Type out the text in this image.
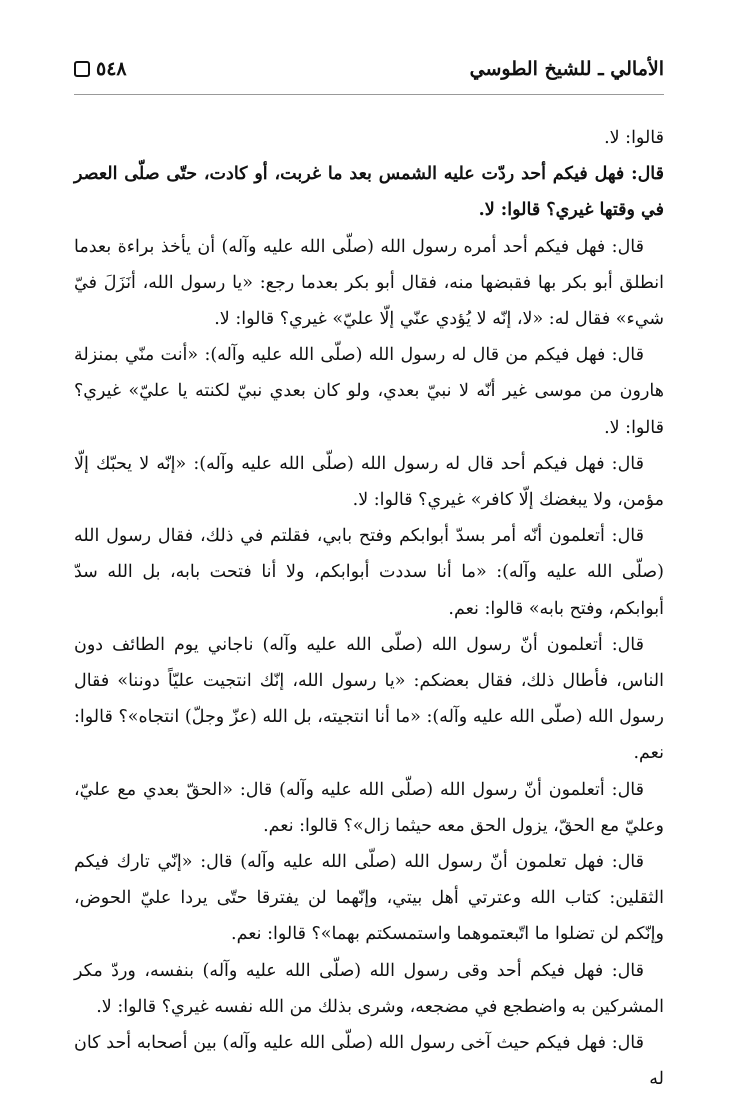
٥٤٨	الأمالي ـ للشيخ الطوسي

قالوا: لا.

قال: فهل فيكم أحد ردّت عليه الشمس بعد ما غربت، أو كادت، حتّى صلّى العصر في وقتها غيري؟ قالوا: لا.

قال: فهل فيكم أحد أمره رسول الله (صلّى الله عليه وآله) أن يأخذ براءة بعدما انطلق أبو بكر بها فقبضها منه، فقال أبو بكر بعدما رجع: «يا رسول الله، أنَزَلَ فيّ شيء» فقال له: «لا، إنّه لا يُؤدي عنّي إلّا عليّ» غيري؟ قالوا: لا.

قال: فهل فيكم من قال له رسول الله (صلّى الله عليه وآله): «أنت منّي بمنزلة هارون من موسى غير أنّه لا نبيّ بعدي، ولو كان بعدي نبيّ لكنته يا عليّ» غيري؟ قالوا: لا.

قال: فهل فيكم أحد قال له رسول الله (صلّى الله عليه وآله): «إنّه لا يحبّك إلّا مؤمن، ولا يبغضك إلّا كافر» غيري؟ قالوا: لا.

قال: أتعلمون أنّه أمر بسدّ أبوابكم وفتح بابي، فقلتم في ذلك، فقال رسول الله (صلّى الله عليه وآله): «ما أنا سددت أبوابكم، ولا أنا فتحت بابه، بل الله سدّ أبوابكم، وفتح بابه» قالوا: نعم.

قال: أتعلمون أنّ رسول الله (صلّى الله عليه وآله) ناجاني يوم الطائف دون الناس، فأطال ذلك، فقال بعضكم: «يا رسول الله، إنّك انتجيت عليّاً دوننا» فقال رسول الله (صلّى الله عليه وآله): «ما أنا انتجيته، بل الله (عزّ وجلّ) انتجاه»؟ قالوا: نعم.

قال: أتعلمون أنّ رسول الله (صلّى الله عليه وآله) قال: «الحقّ بعدي مع عليّ، وعليّ مع الحقّ، يزول الحق معه حيثما زال»؟ قالوا: نعم.

قال: فهل تعلمون أنّ رسول الله (صلّى الله عليه وآله) قال: «إنّي تارك فيكم الثقلين: كتاب الله وعترتي أهل بيتي، وإنّهما لن يفترقا حتّى يردا عليّ الحوض، وإنّكم لن تضلوا ما اتّبعتموهما واستمسكتم بهما»؟ قالوا: نعم.

قال: فهل فيكم أحد وقى رسول الله (صلّى الله عليه وآله) بنفسه، وردّ مكر المشركين به واضطجع في مضجعه، وشرى بذلك من الله نفسه غيري؟ قالوا: لا.

قال: فهل فيكم حيث آخى رسول الله (صلّى الله عليه وآله) بين أصحابه أحد كان له
